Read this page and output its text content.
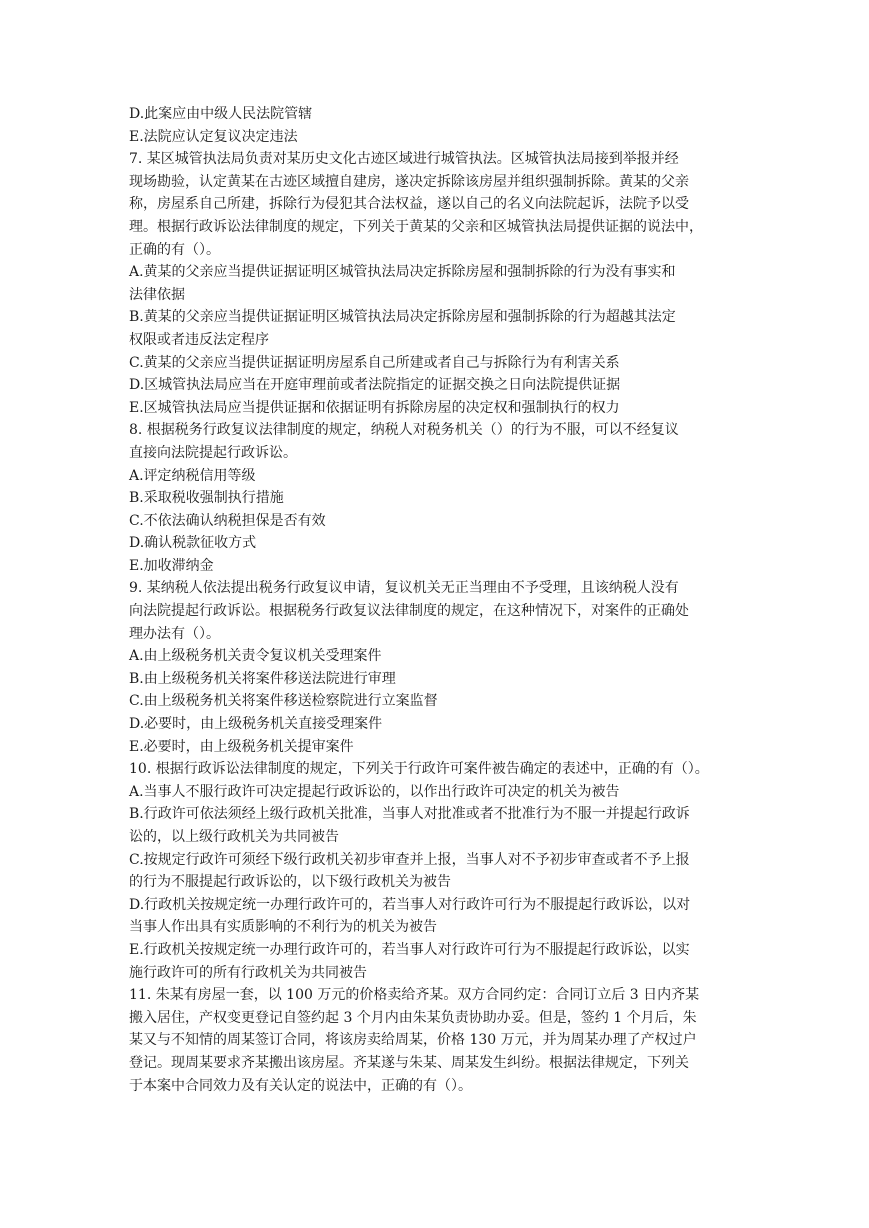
D.此案应由中级人民法院管辖
E.法院应认定复议决定违法
7. 某区城管执法局负责对某历史文化古迹区域进行城管执法。区城管执法局接到举报并经
现场勘验，认定黄某在古迹区域擅自建房，遂决定拆除该房屋并组织强制拆除。黄某的父亲
称，房屋系自己所建，拆除行为侵犯其合法权益，遂以自己的名义向法院起诉，法院予以受
理。根据行政诉讼法律制度的规定，下列关于黄某的父亲和区城管执法局提供证据的说法中，
正确的有（）。
A.黄某的父亲应当提供证据证明区城管执法局决定拆除房屋和强制拆除的行为没有事实和
法律依据
B.黄某的父亲应当提供证据证明区城管执法局决定拆除房屋和强制拆除的行为超越其法定
权限或者违反法定程序
C.黄某的父亲应当提供证据证明房屋系自己所建或者自己与拆除行为有利害关系
D.区城管执法局应当在开庭审理前或者法院指定的证据交换之日向法院提供证据
E.区城管执法局应当提供证据和依据证明有拆除房屋的决定权和强制执行的权力
8. 根据税务行政复议法律制度的规定，纳税人对税务机关（）的行为不服，可以不经复议
直接向法院提起行政诉讼。
A.评定纳税信用等级
B.采取税收强制执行措施
C.不依法确认纳税担保是否有效
D.确认税款征收方式
E.加收滞纳金
9. 某纳税人依法提出税务行政复议申请，复议机关无正当理由不予受理，且该纳税人没有
向法院提起行政诉讼。根据税务行政复议法律制度的规定，在这种情况下，对案件的正确处
理办法有（）。
A.由上级税务机关责令复议机关受理案件
B.由上级税务机关将案件移送法院进行审理
C.由上级税务机关将案件移送检察院进行立案监督
D.必要时，由上级税务机关直接受理案件
E.必要时，由上级税务机关提审案件
10. 根据行政诉讼法律制度的规定，下列关于行政许可案件被告确定的表述中，正确的有（）。
A.当事人不服行政许可决定提起行政诉讼的，以作出行政许可决定的机关为被告
B.行政许可依法须经上级行政机关批准，当事人对批准或者不批准行为不服一并提起行政诉
讼的，以上级行政机关为共同被告
C.按规定行政许可须经下级行政机关初步审查并上报，当事人对不予初步审查或者不予上报
的行为不服提起行政诉讼的，以下级行政机关为被告
D.行政机关按规定统一办理行政许可的，若当事人对行政许可行为不服提起行政诉讼，以对
当事人作出具有实质影响的不利行为的机关为被告
E.行政机关按规定统一办理行政许可的，若当事人对行政许可行为不服提起行政诉讼，以实
施行政许可的所有行政机关为共同被告
11. 朱某有房屋一套，以 100 万元的价格卖给齐某。双方合同约定：合同订立后 3 日内齐某
搬入居住，产权变更登记自签约起 3 个月内由朱某负责协助办妥。但是，签约 1 个月后，朱
某又与不知情的周某签订合同，将该房卖给周某，价格 130 万元，并为周某办理了产权过户
登记。现周某要求齐某搬出该房屋。齐某遂与朱某、周某发生纠纷。根据法律规定，下列关
于本案中合同效力及有关认定的说法中，正确的有（）。
